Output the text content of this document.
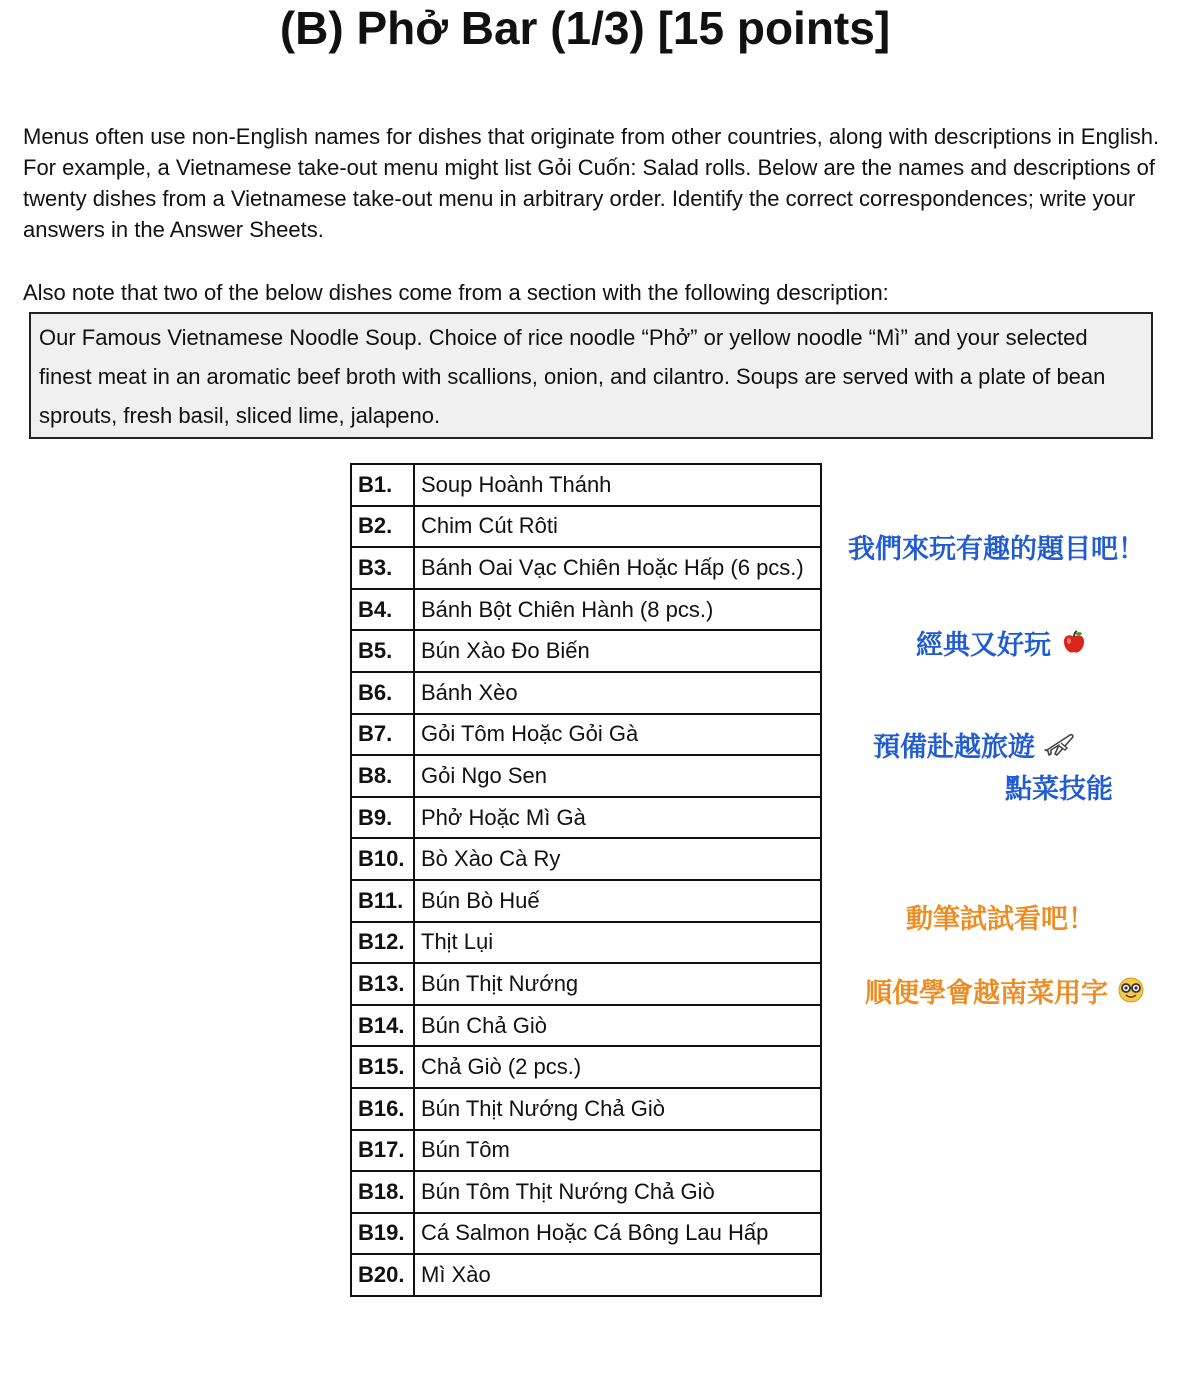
(B) Phở Bar (1/3) [15 points]

Menus often use non-English names for dishes that originate from other countries, along with descriptions in English. For example, a Vietnamese take-out menu might list Gỏi Cuốn: Salad rolls. Below are the names and descriptions of twenty dishes from a Vietnamese take-out menu in arbitrary order. Identify the correct correspondences; write your answers in the Answer Sheets.

Also note that two of the below dishes come from a section with the following description:

Our Famous Vietnamese Noodle Soup. Choice of rice noodle “Phở” or yellow noodle “Mì” and your selected finest meat in an aromatic beef broth with scallions, onion, and cilantro. Soups are served with a plate of bean sprouts, fresh basil, sliced lime, jalapeno.
B1.	Soup Hoành Thánh
B2.	Chim Cút Rôti
B3.	Bánh Oai Vạc Chiên Hoặc Hấp (6 pcs.)
B4.	Bánh Bột Chiên Hành (8 pcs.)
B5.	Bún Xào Đo Biến
B6.	Bánh Xèo
B7.	Gỏi Tôm Hoặc Gỏi Gà
B8.	Gỏi Ngo Sen
B9.	Phở Hoặc Mì Gà
B10.	Bò Xào Cà Ry
B11.	Bún Bò Huế
B12.	Thịt Lụi
B13.	Bún Thịt Nướng
B14.	Bún Chả Giò
B15.	Chả Giò (2 pcs.)
B16.	Bún Thịt Nướng Chả Giò
B17.	Bún Tôm
B18.	Bún Tôm Thịt Nướng Chả Giò
B19.	Cá Salmon Hoặc Cá Bông Lau Hấp
B20.	Mì Xào
我們來玩有趣的題目吧！
經典又好玩
預備赴越旅遊
點菜技能
動筆試試看吧！
順便學會越南菜用字
